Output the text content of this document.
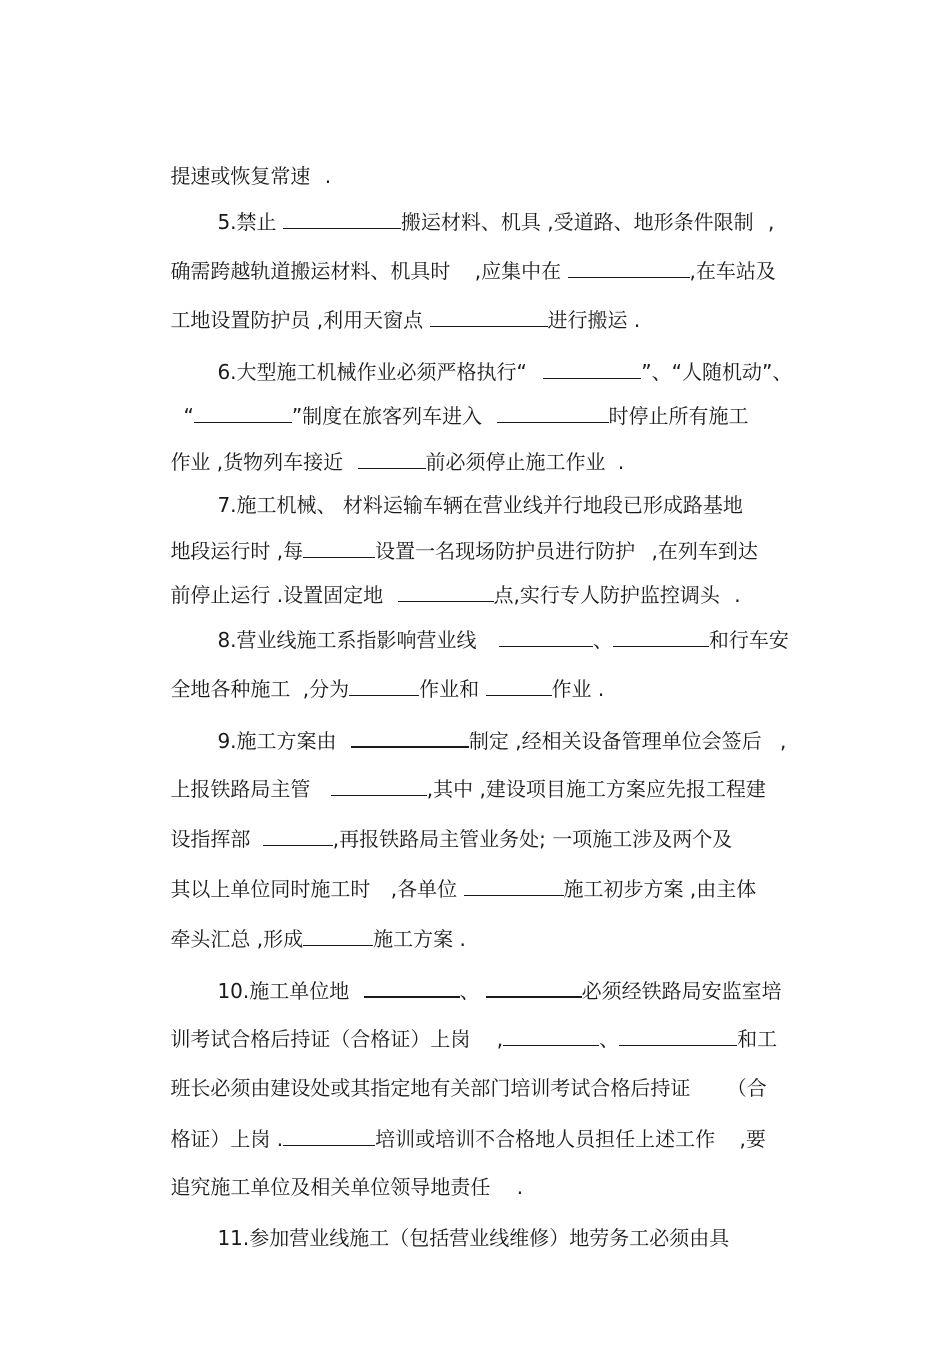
提速或恢复常速 .

5.禁止	搬运材料、机具 ,受道路、地形条件限制 ,

确需跨越轨道搬运材料、机具时 ,应集中在	,在车站及

工地设置防护员 ,利用天窗点	进行搬运 .

6.大型施工机械作业必须严格执行“	”、“人随机动”、

“	”制度在旅客列车进入	时停止所有施工

作业 ,货物列车接近	前必须停止施工作业 .

7.施工机械、 材料运输车辆在营业线并行地段已形成路基地

地段运行时 ,每	设置一名现场防护员进行防护 ,在列车到达

前停止运行 .设置固定地	点,实行专人防护监控调头 .

8.营业线施工系指影响营业线	、	和行车安

全地各种施工 ,分为	作业和	作业 .

9.施工方案由	制定 ,经相关设备管理单位会签后 ,

上报铁路局主管	,其中 ,建设项目施工方案应先报工程建

设指挥部	,再报铁路局主管业务处; 一项施工涉及两个及

其以上单位同时施工时 ,各单位	施工初步方案 ,由主体

牵头汇总 ,形成	施工方案 .

10.施工单位地	、	必须经铁路局安监室培

训考试合格后持证（合格证）上岗 ,	、	和工

班长必须由建设处或其指定地有关部门培训考试合格后持证 （合

格证）上岗 .	培训或培训不合格地人员担任上述工作 ,要

追究施工单位及相关单位领导地责任 .

11.参加营业线施工（包括营业线维修）地劳务工必须由具
